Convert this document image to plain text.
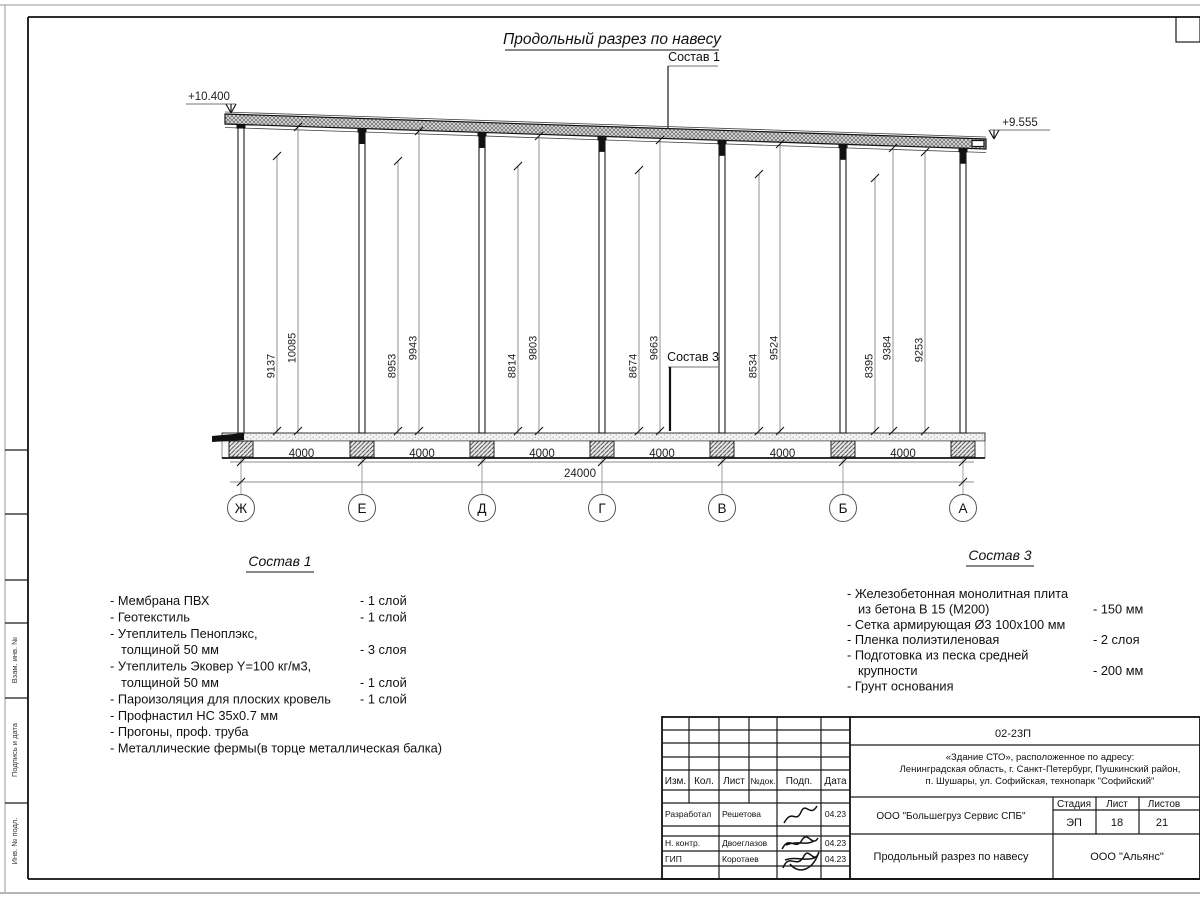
Взам. инв. №
Подпись и дата
Инв. № подл.
Продольный разрез по навесу
Состав 1
Состав 3
+10.400
+9.555
24000
Ж	Е	Д	Г	В	Б	А
9137
10085
8953
9943
8814
9803
8674
9663
8534
9524
8395
9384 9253
4000	4000	4000	4000	4000	4000
Состав 1
- Мембрана ПВХ	- 1 слой
- Геотекстиль	- 1 слой
- Утеплитель Пеноплэкс,
толщиной 50 мм	- 3 слоя
- Утеплитель Эковер Y=100 кг/м3,
толщиной 50 мм	- 1 слой
- Пароизоляция для плоских кровель - 1 слой
- Профнастил НС 35х0.7 мм
- Прогоны, проф. труба
- Металлические фермы(в торце металлическая балка)
Состав 3
- Железобетонная монолитная плита
из бетона В 15 (М200)	- 150 мм
- Сетка армирующая Ø3 100х100 мм
- Пленка полиэтиленовая	- 2 слоя
- Подготовка из песка средней
крупности	- 200 мм
- Грунт основания
02-23П
«Здание СТО», расположенное по адресу:
Ленинградская область, г. Санкт-Петербург, Пушкинский район,
п. Шушары, ул. Софийская, технопарк "Софийский"
ООО "Большегруз Сервис СПБ"
Стадия Лист Листов
ЭП	18	21
Продольный разрез по навесу	ООО "Альянс"
Изм. Кол. Лист №док. Подп. Дата
Разработал Решетова	04.23
Н. контр.	Двоеглазов	04.23
ГИП	Коротаев	04.23
